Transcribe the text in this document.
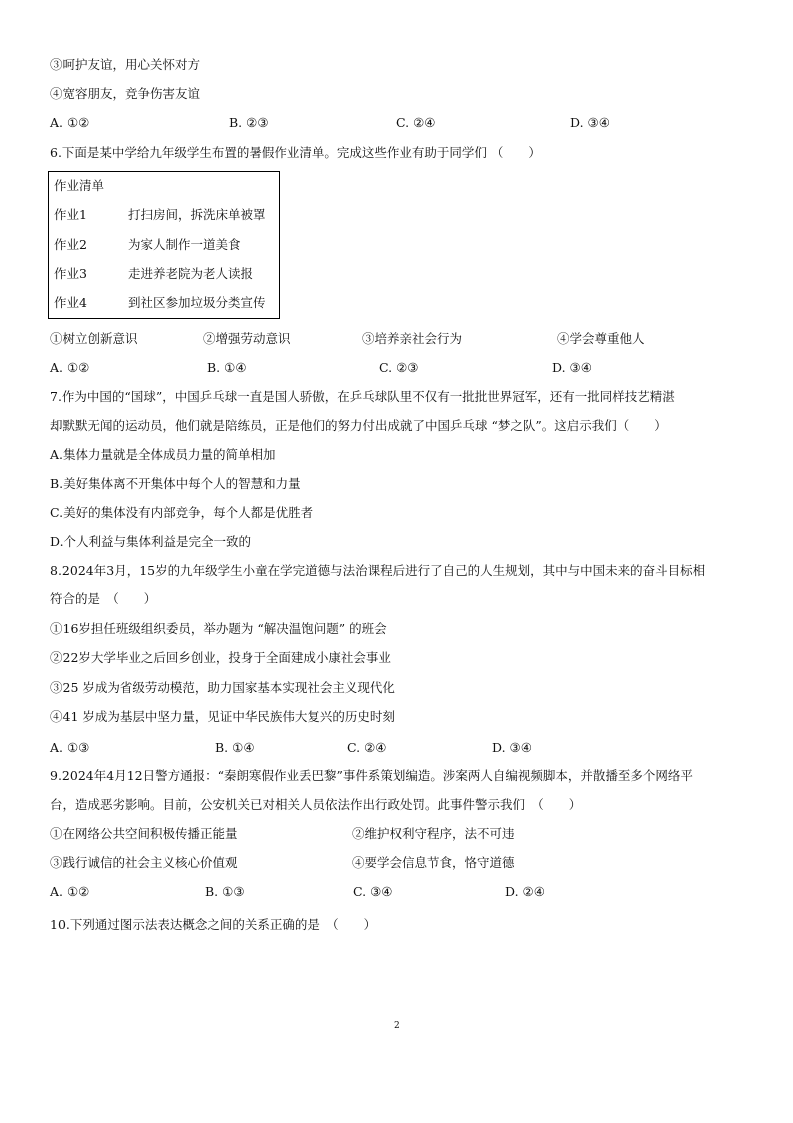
③呵护友谊，用心关怀对方
④宽容朋友，竞争伤害友谊
A. ①②	B. ②③	C. ②④	D. ③④
6.下面是某中学给九年级学生布置的暑假作业清单。完成这些作业有助于同学们 （　　）
作业清单
作业1	打扫房间，拆洗床单被罩
作业2	为家人制作一道美食
作业3	走进养老院为老人读报
作业4	到社区参加垃圾分类宣传
①树立创新意识	②增强劳动意识	③培养亲社会行为	④学会尊重他人
A. ①②	B. ①④	C. ②③	D. ③④
7.作为中国的“国球”，中国乒乓球一直是国人骄傲，在乒乓球队里不仅有一批批世界冠军，还有一批同样技艺精湛
却默默无闻的运动员，他们就是陪练员，正是他们的努力付出成就了中国乒乓球 “梦之队”。这启示我们（　　）
A.集体力量就是全体成员力量的简单相加
B.美好集体离不开集体中每个人的智慧和力量
C.美好的集体没有内部竞争，每个人都是优胜者
D.个人利益与集体利益是完全一致的
8.2024年3月，15岁的九年级学生小童在学完道德与法治课程后进行了自己的人生规划，其中与中国未来的奋斗目标相
符合的是　（　　）
①16岁担任班级组织委员，举办题为 “解决温饱问题” 的班会
②22岁大学毕业之后回乡创业，投身于全面建成小康社会事业
③25 岁成为省级劳动模范，助力国家基本实现社会主义现代化
④41 岁成为基层中坚力量，见证中华民族伟大复兴的历史时刻
A. ①③	B. ①④	C. ②④	D. ③④
9.2024年4月12日警方通报：“秦朗寒假作业丢巴黎”事件系策划编造。涉案两人自编视频脚本，并散播至多个网络平
台，造成恶劣影响。目前，公安机关已对相关人员依法作出行政处罚。此事件警示我们　（　　）
①在网络公共空间积极传播正能量	②维护权利守程序，法不可违
③践行诚信的社会主义核心价值观	④要学会信息节食，恪守道德
A. ①②	B. ①③	C. ③④	D. ②④
10.下列通过图示法表达概念之间的关系正确的是　（　　）
2
